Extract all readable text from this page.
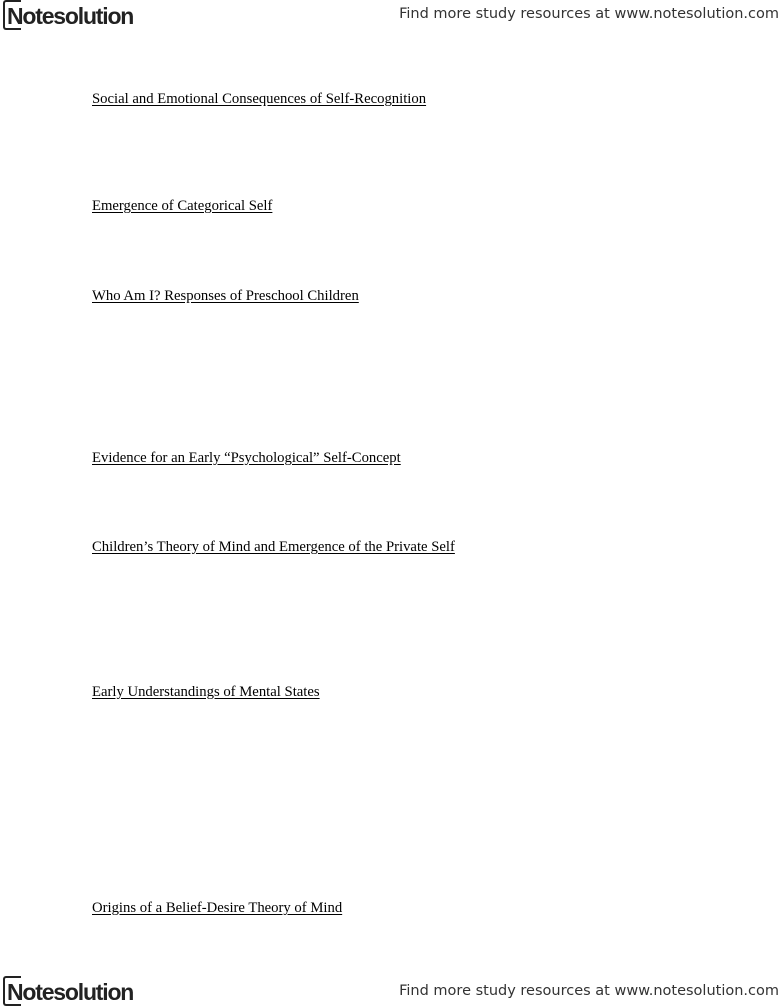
Notesolution	Find more study resources at www.notesolution.com
Social and Emotional Consequences of Self-Recognition
Emergence of Categorical Self
Who Am I? Responses of Preschool Children
Evidence for an Early “Psychological” Self-Concept
Children’s Theory of Mind and Emergence of the Private Self
Early Understandings of Mental States
Origins of a Belief-Desire Theory of Mind
Notesolution	Find more study resources at www.notesolution.com
